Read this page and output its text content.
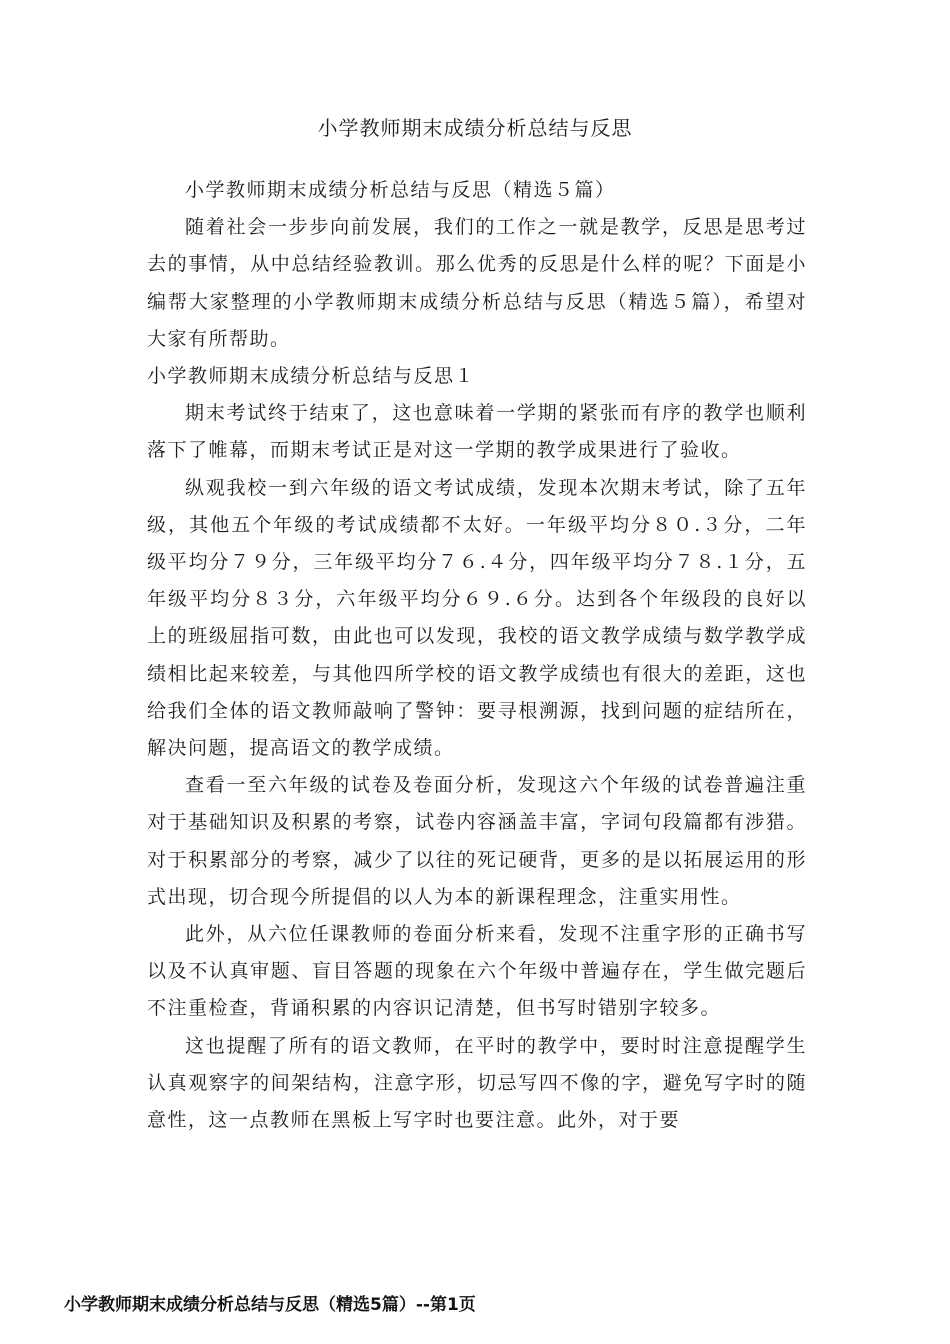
小学教师期末成绩分析总结与反思

小学教师期末成绩分析总结与反思（精选５篇）

随着社会一步步向前发展，我们的工作之一就是教学，反思是思考过去的事情，从中总结经验教训。那么优秀的反思是什么样的呢？下面是小编帮大家整理的小学教师期末成绩分析总结与反思（精选５篇），希望对大家有所帮助。

小学教师期末成绩分析总结与反思１

期末考试终于结束了，这也意味着一学期的紧张而有序的教学也顺利落下了帷幕，而期末考试正是对这一学期的教学成果进行了验收。

纵观我校一到六年级的语文考试成绩，发现本次期末考试，除了五年级，其他五个年级的考试成绩都不太好。一年级平均分８０.３分，二年级平均分７９分，三年级平均分７６.４分，四年级平均分７８.１分，五年级平均分８３分，六年级平均分６９.６分。达到各个年级段的良好以上的班级屈指可数，由此也可以发现，我校的语文教学成绩与数学教学成绩相比起来较差，与其他四所学校的语文教学成绩也有很大的差距，这也给我们全体的语文教师敲响了警钟：要寻根溯源，找到问题的症结所在，解决问题，提高语文的教学成绩。

查看一至六年级的试卷及卷面分析，发现这六个年级的试卷普遍注重对于基础知识及积累的考察，试卷内容涵盖丰富，字词句段篇都有涉猎。对于积累部分的考察，减少了以往的死记硬背，更多的是以拓展运用的形式出现，切合现今所提倡的以人为本的新课程理念，注重实用性。

此外，从六位任课教师的卷面分析来看，发现不注重字形的正确书写以及不认真审题、盲目答题的现象在六个年级中普遍存在，学生做完题后不注重检查，背诵积累的内容识记清楚，但书写时错别字较多。

这也提醒了所有的语文教师，在平时的教学中，要时时注意提醒学生认真观察字的间架结构，注意字形，切忌写四不像的字，避免写字时的随意性，这一点教师在黑板上写字时也要注意。此外，对于要

小学教师期末成绩分析总结与反思（精选5篇）--第1页
